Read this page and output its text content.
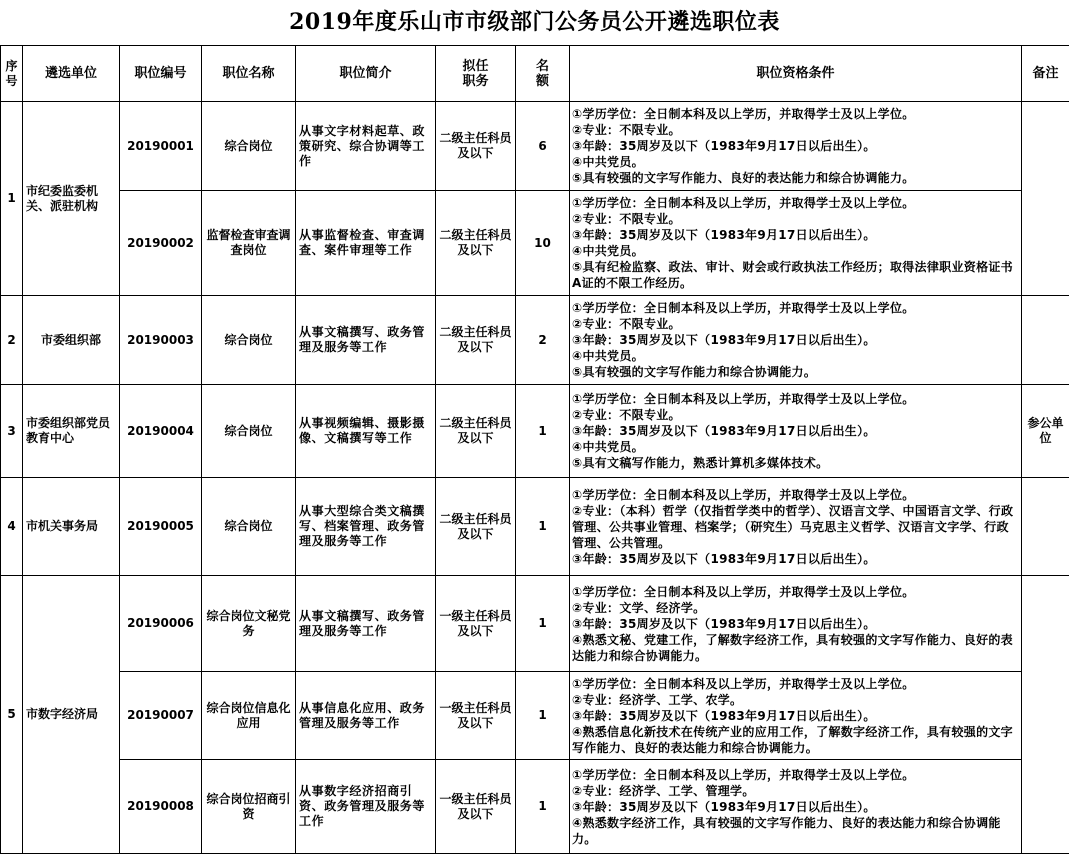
2019年度乐山市市级部门公务员公开遴选职位表
序号	遴选单位	职位编号	职位名称	职位简介	拟任职务	名额	职位资格条件	备注
1	市纪委监委机关、派驻机构	20190001	综合岗位	从事文字材料起草、政策研究、综合协调等工作	二级主任科员及以下	6	①学历学位：全日制本科及以上学历，并取得学士及以上学位。
②专业：不限专业。
③年龄：35周岁及以下（1983年9月17日以后出生）。
④中共党员。
⑤具有较强的文字写作能力、良好的表达能力和综合协调能力。	

		20190002	监督检查审查调查岗位	从事监督检查、审查调查、案件审理等工作	二级主任科员及以下	10	①学历学位：全日制本科及以上学历，并取得学士及以上学位。
②专业：不限专业。
③年龄：35周岁及以下（1983年9月17日以后出生）。
④中共党员。
⑤具有纪检监察、政法、审计、财会或行政执法工作经历；取得法律职业资格证书A证的不限工作经历。	

2	市委组织部	20190003	综合岗位	从事文稿撰写、政务管理及服务等工作	二级主任科员及以下	2	①学历学位：全日制本科及以上学历，并取得学士及以上学位。
②专业：不限专业。
③年龄：35周岁及以下（1983年9月17日以后出生）。
④中共党员。
⑤具有较强的文字写作能力和综合协调能力。	

3	市委组织部党员教育中心	20190004	综合岗位	从事视频编辑、摄影摄像、文稿撰写等工作	二级主任科员及以下	1	①学历学位：全日制本科及以上学历，并取得学士及以上学位。
②专业：不限专业。
③年龄：35周岁及以下（1983年9月17日以后出生）。
④中共党员。
⑤具有文稿写作能力，熟悉计算机多媒体技术。	参公单位
4	市机关事务局	20190005	综合岗位	从事大型综合类文稿撰写、档案管理、政务管理及服务等工作	二级主任科员及以下	1	①学历学位：全日制本科及以上学历，并取得学士及以上学位。
②专业：（本科）哲学（仅指哲学类中的哲学）、汉语言文学、中国语言文学、行政管理、公共事业管理、档案学；（研究生）马克思主义哲学、汉语言文字学、行政管理、公共管理。
③年龄：35周岁及以下（1983年9月17日以后出生）。	

5	市数字经济局	20190006	综合岗位文秘党务	从事文稿撰写、政务管理及服务等工作	一级主任科员及以下	1	①学历学位：全日制本科及以上学历，并取得学士及以上学位。
②专业：文学、经济学。
③年龄：35周岁及以下（1983年9月17日以后出生）。
④熟悉文秘、党建工作，了解数字经济工作，具有较强的文字写作能力、良好的表达能力和综合协调能力。	

		20190007	综合岗位信息化应用	从事信息化应用、政务管理及服务等工作	一级主任科员及以下	1	①学历学位：全日制本科及以上学历，并取得学士及以上学位。
②专业：经济学、工学、农学。
③年龄：35周岁及以下（1983年9月17日以后出生）。
④熟悉信息化新技术在传统产业的应用工作，了解数字经济工作，具有较强的文字写作能力、良好的表达能力和综合协调能力。	

		20190008	综合岗位招商引资	从事数字经济招商引资、政务管理及服务等工作	一级主任科员及以下	1	①学历学位：全日制本科及以上学历，并取得学士及以上学位。
②专业：经济学、工学、管理学。
③年龄：35周岁及以下（1983年9月17日以后出生）。
④熟悉数字经济工作，具有较强的文字写作能力、良好的表达能力和综合协调能力。	
